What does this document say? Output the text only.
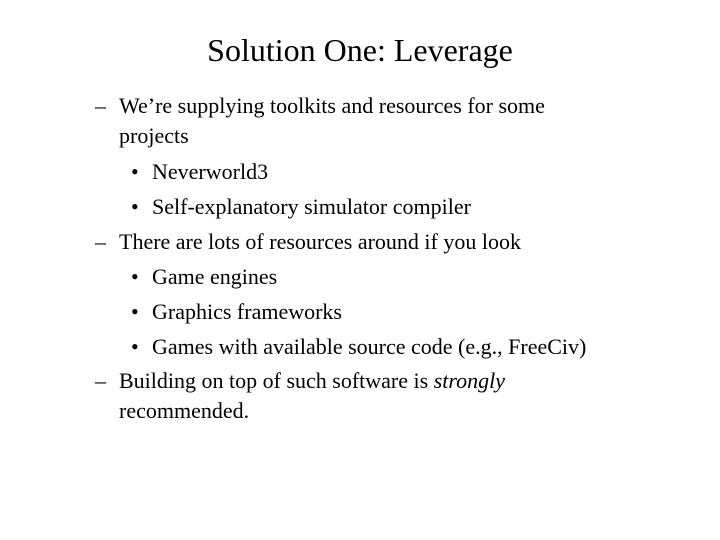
Solution One: Leverage
– We’re supplying toolkits and resources for some
projects
• Neverworld3
• Self-explanatory simulator compiler
– There are lots of resources around if you look
• Game engines
• Graphics frameworks
• Games with available source code (e.g., FreeCiv)
– Building on top of such software is strongly
recommended.
